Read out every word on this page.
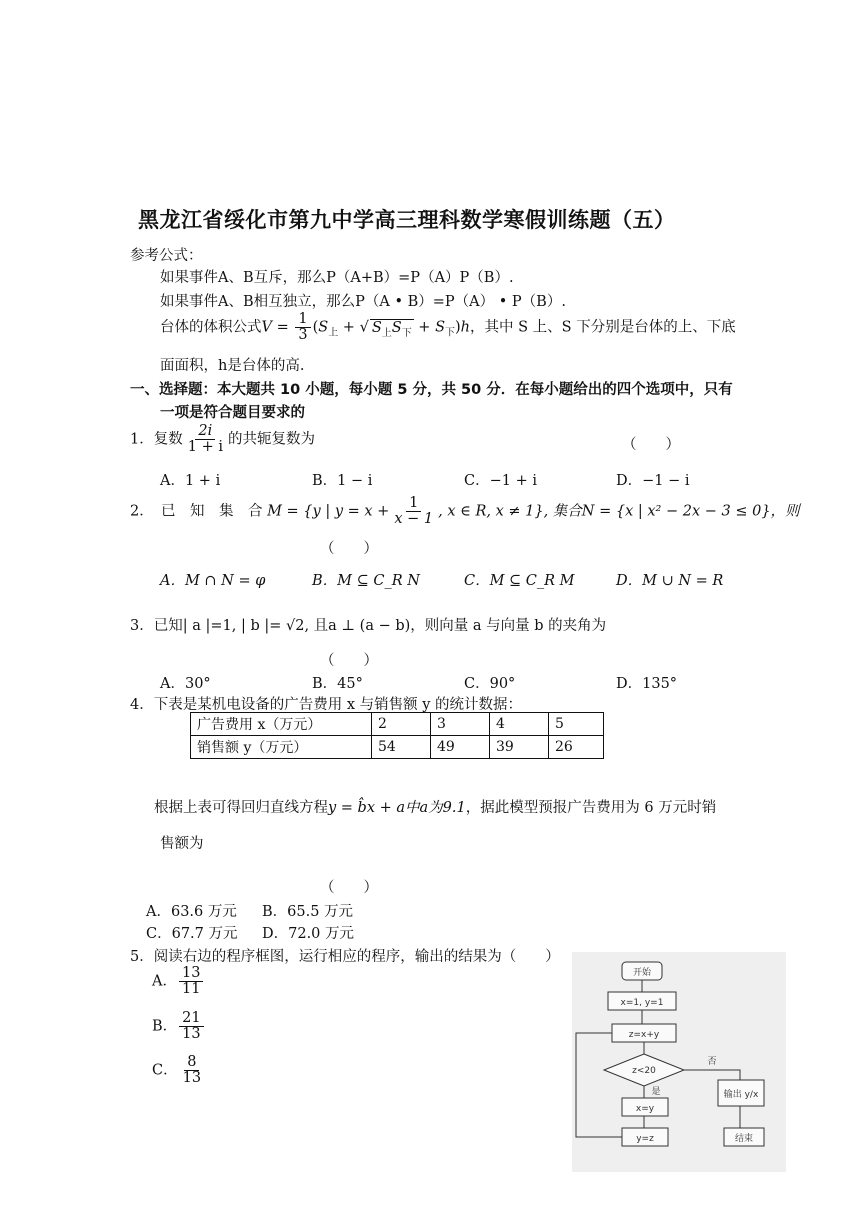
黑龙江省绥化市第九中学高三理科数学寒假训练题（五）
参考公式：
如果事件A、B互斥，那么P（A+B）=P（A）P（B）.
如果事件A、B相互独立，那么P（A • B）=P（A） • P（B）.
台体的体积公式$V = \frac{1}{3} (S_上$ + √ $S_上S_下 + S_下)h$，其中 S 上、S 下分别是台体的上、下底
面面积，h是台体的高.
一、选择题：本大题共 10 小题，每小题 5 分，共 50 分．在每小题给出的四个选项中，只有
一项是符合题目要求的
1．复数 $\frac{2i}{1 + i}$ 的共轭复数为	（　　）
A．1 + i	B．1 − i	C．−1 + i	D．−1 − i
2．　已　知　集　合 M = {y | $y = x + \frac{1}{x - 1}$ , x ∈ R, x ≠ 1}, 集合N = {x | x² − 2x − 3 ≤ 0}，则
（　　）
A．M ∩ N = φ	B．M ⊆ C_R N	C．M ⊆ C_R M	D．M ∪ N = R
3．已知| a |=1, | b |= √2, 且a ⊥ (a − b)，则向量 a 与向量 b 的夹角为
（　　）
A．30°	B．45°	C．90°	D．135°
4．下表是某机电设备的广告费用 x 与销售额 y 的统计数据：
广告费用 x（万元）	2	3	4	5
销售额 y（万元）	54	49	39	26
根据上表可得回归直线方程y = b̂x + a中a为9.1，据此模型预报广告费用为 6 万元时销
售额为
（　　）
A．63.6 万元 B．65.5 万元
C．67.7 万元 D．72.0 万元
5．阅读右边的程序框图，运行相应的程序，输出的结果为（　　）
A． $\frac{13}{11}$
B． $\frac{21}{13}$
C． $\frac{8}{13}$
开始
x=1, y=1
z=x+y
z<20
是
否
x=y
y=z
输出 y/x
结束
